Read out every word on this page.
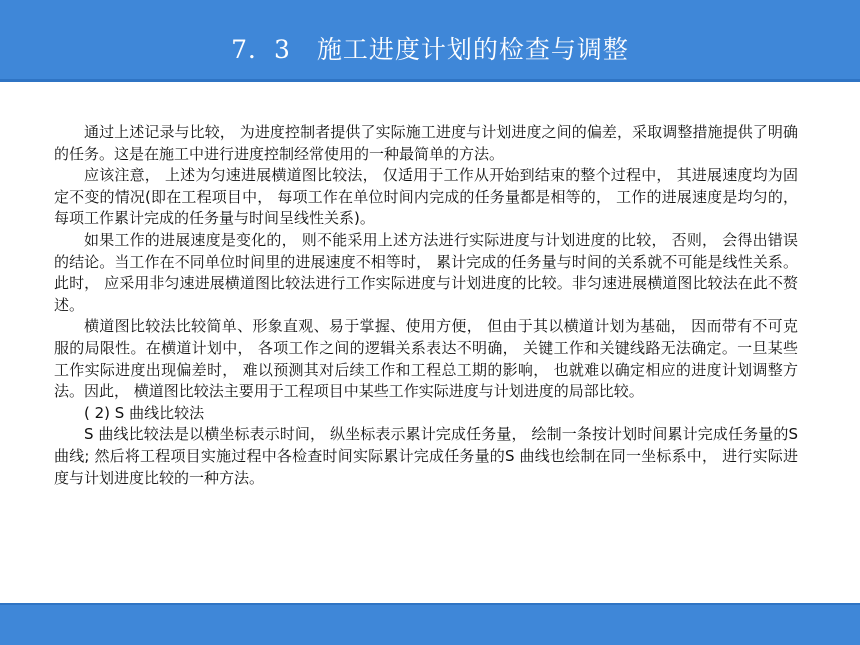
7．3　施工进度计划的检查与调整

通过上述记录与比较， 为进度控制者提供了实际施工进度与计划进度之间的偏差，采取调整措施提供了明确的任务。这是在施工中进行进度控制经常使用的一种最简单的方法。

应该注意， 上述为匀速进展横道图比较法， 仅适用于工作从开始到结束的整个过程中， 其进展速度均为固定不变的情况(即在工程项目中， 每项工作在单位时间内完成的任务量都是相等的， 工作的进展速度是均匀的， 每项工作累计完成的任务量与时间呈线性关系)。

如果工作的进展速度是变化的， 则不能采用上述方法进行实际进度与计划进度的比较， 否则， 会得出错误的结论。当工作在不同单位时间里的进展速度不相等时， 累计完成的任务量与时间的关系就不可能是线性关系。此时， 应采用非匀速进展横道图比较法进行工作实际进度与计划进度的比较。非匀速进展横道图比较法在此不赘述。

横道图比较法比较简单、形象直观、易于掌握、使用方便， 但由于其以横道计划为基础， 因而带有不可克服的局限性。在横道计划中， 各项工作之间的逻辑关系表达不明确， 关键工作和关键线路无法确定。一旦某些工作实际进度出现偏差时， 难以预测其对后续工作和工程总工期的影响， 也就难以确定相应的进度计划调整方法。因此， 横道图比较法主要用于工程项目中某些工作实际进度与计划进度的局部比较。

( 2) S 曲线比较法

S 曲线比较法是以横坐标表示时间， 纵坐标表示累计完成任务量， 绘制一条按计划时间累计完成任务量的S 曲线; 然后将工程项目实施过程中各检查时间实际累计完成任务量的S 曲线也绘制在同一坐标系中， 进行实际进度与计划进度比较的一种方法。
